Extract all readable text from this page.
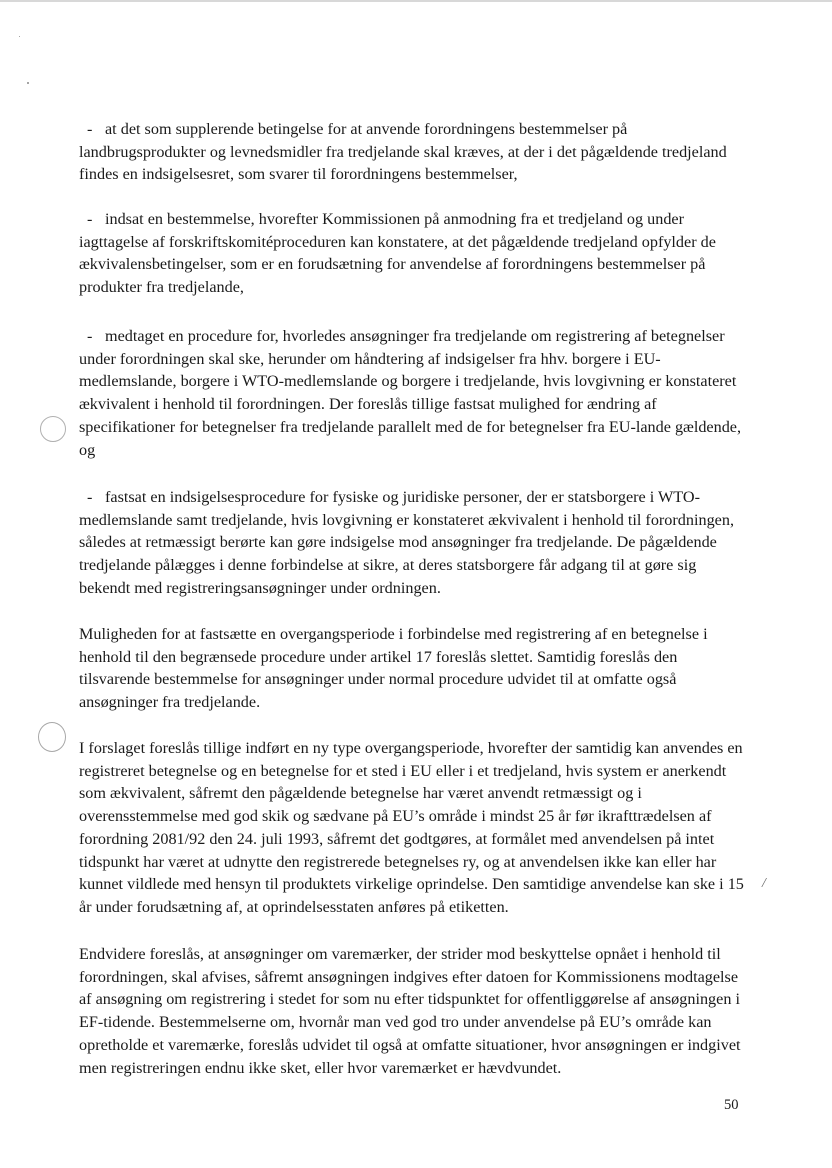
/

- at det som supplerende betingelse for at anvende forordningens bestemmelser på landbrugsprodukter og levnedsmidler fra tredjelande skal kræves, at der i det pågældende tredjeland findes en indsigelsesret, som svarer til forordningens bestemmelser,

- indsat en bestemmelse, hvorefter Kommissionen på anmodning fra et tredjeland og under iagttagelse af forskriftskomitéproceduren kan konstatere, at det pågældende tredjeland opfylder de ækvivalensbetingelser, som er en forudsætning for anvendelse af forordningens bestemmelser på produkter fra tredjelande,

- medtaget en procedure for, hvorledes ansøgninger fra tredjelande om registrering af betegnelser under forordningen skal ske, herunder om håndtering af indsigelser fra hhv. borgere i EU-medlemslande, borgere i WTO-medlemslande og borgere i tredjelande, hvis lovgivning er konstateret ækvivalent i henhold til forordningen. Der foreslås tillige fastsat mulighed for ændring af specifikationer for betegnelser fra tredjelande parallelt med de for betegnelser fra EU-lande gældende, og

- fastsat en indsigelsesprocedure for fysiske og juridiske personer, der er statsborgere i WTO-medlemslande samt tredjelande, hvis lovgivning er konstateret ækvivalent i henhold til forordningen, således at retmæssigt berørte kan gøre indsigelse mod ansøgninger fra tredjelande. De pågældende tredjelande pålægges i denne forbindelse at sikre, at deres statsborgere får adgang til at gøre sig bekendt med registreringsansøgninger under ordningen.

Muligheden for at fastsætte en overgangsperiode i forbindelse med registrering af en betegnelse i henhold til den begrænsede procedure under artikel 17 foreslås slettet. Samtidig foreslås den tilsvarende bestemmelse for ansøgninger under normal procedure udvidet til at omfatte også ansøgninger fra tredjelande.

I forslaget foreslås tillige indført en ny type overgangsperiode, hvorefter der samtidig kan anvendes en registreret betegnelse og en betegnelse for et sted i EU eller i et tredjeland, hvis system er anerkendt som ækvivalent, såfremt den pågældende betegnelse har været anvendt retmæssigt og i overensstemmelse med god skik og sædvane på EU’s område i mindst 25 år før ikrafttrædelsen af forordning 2081/92 den 24. juli 1993, såfremt det godtgøres, at formålet med anvendelsen på intet tidspunkt har været at udnytte den registrerede betegnelses ry, og at anvendelsen ikke kan eller har kunnet vildlede med hensyn til produktets virkelige oprindelse. Den samtidige anvendelse kan ske i 15 år under forudsætning af, at oprindelsesstaten anføres på etiketten.

Endvidere foreslås, at ansøgninger om varemærker, der strider mod beskyttelse opnået i henhold til forordningen, skal afvises, såfremt ansøgningen indgives efter datoen for Kommissionens modtagelse af ansøgning om registrering i stedet for som nu efter tidspunktet for offentliggørelse af ansøgningen i EF-tidende. Bestemmelserne om, hvornår man ved god tro under anvendelse på EU’s område kan opretholde et varemærke, foreslås udvidet til også at omfatte situationer, hvor ansøgningen er indgivet men registreringen endnu ikke sket, eller hvor varemærket er hævdvundet.

50
